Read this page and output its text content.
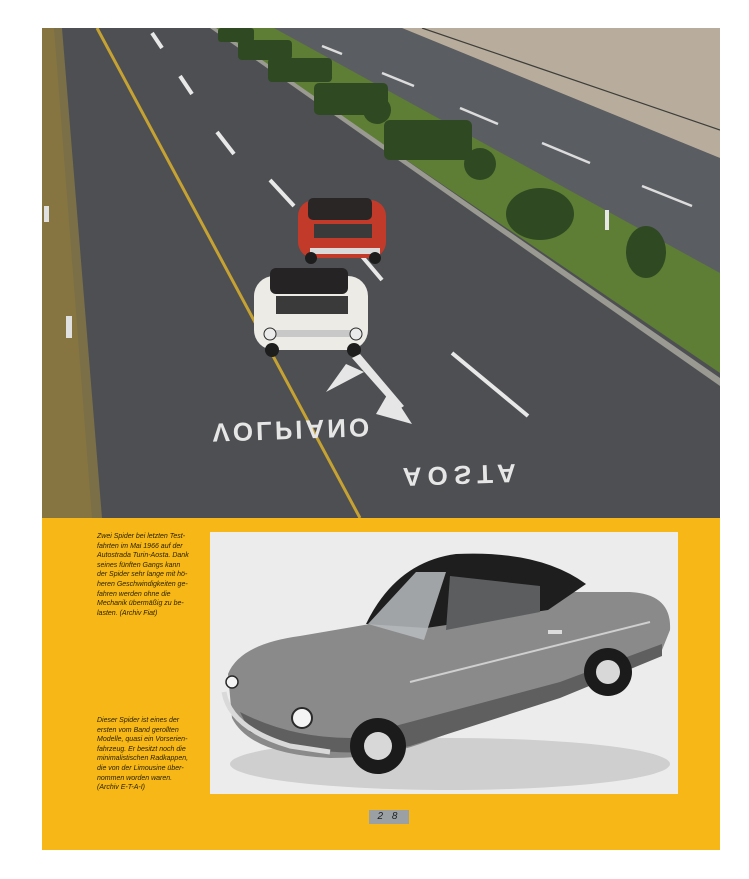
VOLPIANO
AOSTA
Zwei Spider bei letzten Test-
fahrten im Mai 1966 auf der
Autostrada Turin-Aosta. Dank
seines fünften Gangs kann
der Spider sehr lange mit hö-
heren Geschwindigkeiten ge-
fahren werden ohne die
Mechanik übermäßig zu be-
lasten. (Archiv Fiat)
Dieser Spider ist eines der
ersten vom Band gerollten
Modelle, quasi ein Vorserien-
fahrzeug. Er besitzt noch die
minimalistischen Radkappen,
die von der Limousine über-
nommen worden waren.
(Archiv E-T-A-I)
2 8
